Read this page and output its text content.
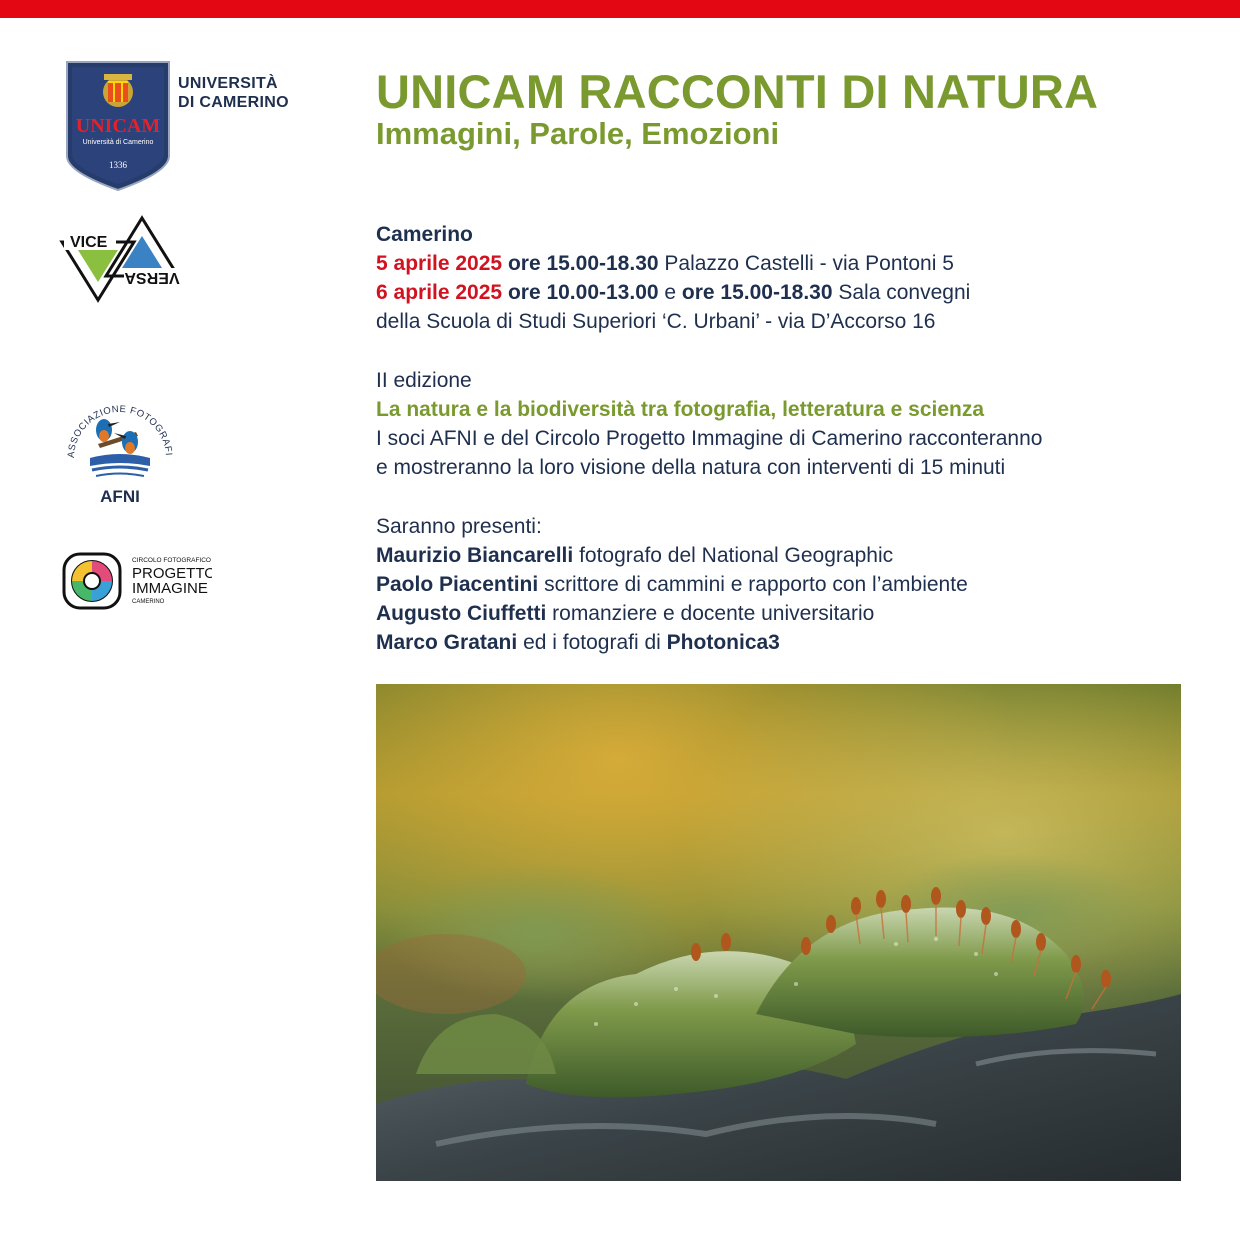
UNICAM
Università di Camerino
1336
UNIVERSITÀ
DI CAMERINO
VICE
VERSA
ASSOCIAZIONE FOTOGRAFI
AFNI
CIRCOLO FOTOGRAFICO
PROGETTO
IMMAGINE
CAMERINO
UNICAM RACCONTI DI NATURA
Immagini, Parole, Emozioni
Camerino
5 aprile 2025 ore 15.00-18.30 Palazzo Castelli - via Pontoni 5
6 aprile 2025 ore 10.00-13.00 e ore 15.00-18.30 Sala convegni
della Scuola di Studi Superiori ‘C. Urbani’ - via D’Accorso 16
II edizione
La natura e la biodiversità tra fotografia, letteratura e scienza
I soci AFNI e del Circolo Progetto Immagine di Camerino racconteranno
e mostreranno la loro visione della natura con interventi di 15 minuti
Saranno presenti:
Maurizio Biancarelli fotografo del National Geographic
Paolo Piacentini scrittore di cammini e rapporto con l’ambiente
Augusto Ciuffetti romanziere e docente universitario
Marco Gratani ed i fotografi di Photonica3
